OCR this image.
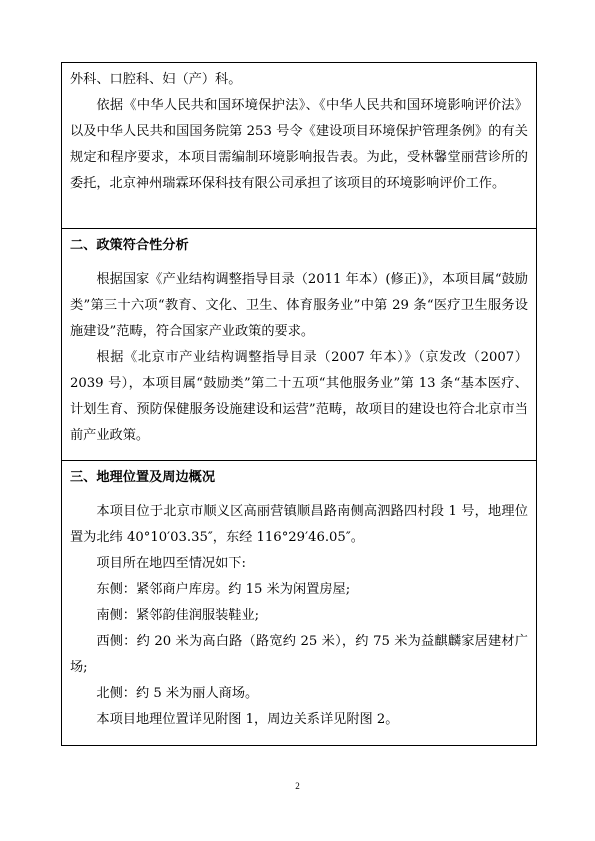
外科、口腔科、妇（产）科。

依据《中华人民共和国环境保护法》、《中华人民共和国环境影响评价法》以及中华人民共和国国务院第 253 号令《建设项目环境保护管理条例》的有关规定和程序要求，本项目需编制环境影响报告表。为此，受林馨堂丽营诊所的委托，北京神州瑞霖环保科技有限公司承担了该项目的环境影响评价工作。

二、政策符合性分析

根据国家《产业结构调整指导目录（2011 年本）(修正)》，本项目属“鼓励类”第三十六项“教育、文化、卫生、体育服务业”中第 29 条“医疗卫生服务设施建设”范畴，符合国家产业政策的要求。

根据《北京市产业结构调整指导目录（2007 年本）》（京发改（2007）2039 号），本项目属“鼓励类”第二十五项“其他服务业”第 13 条“基本医疗、计划生育、预防保健服务设施建设和运营”范畴，故项目的建设也符合北京市当前产业政策。

三、地理位置及周边概况

本项目位于北京市顺义区高丽营镇顺昌路南侧高泗路四村段 1 号，地理位置为北纬 40°10′03.35″，东经 116°29′46.05″。

项目所在地四至情况如下:

东侧：紧邻商户库房。约 15 米为闲置房屋;

南侧：紧邻韵佳润服装鞋业;

西侧：约 20 米为高白路（路宽约 25 米），约 75 米为益麒麟家居建材广场;

北侧：约 5 米为丽人商场。

本项目地理位置详见附图 1，周边关系详见附图 2。

2
